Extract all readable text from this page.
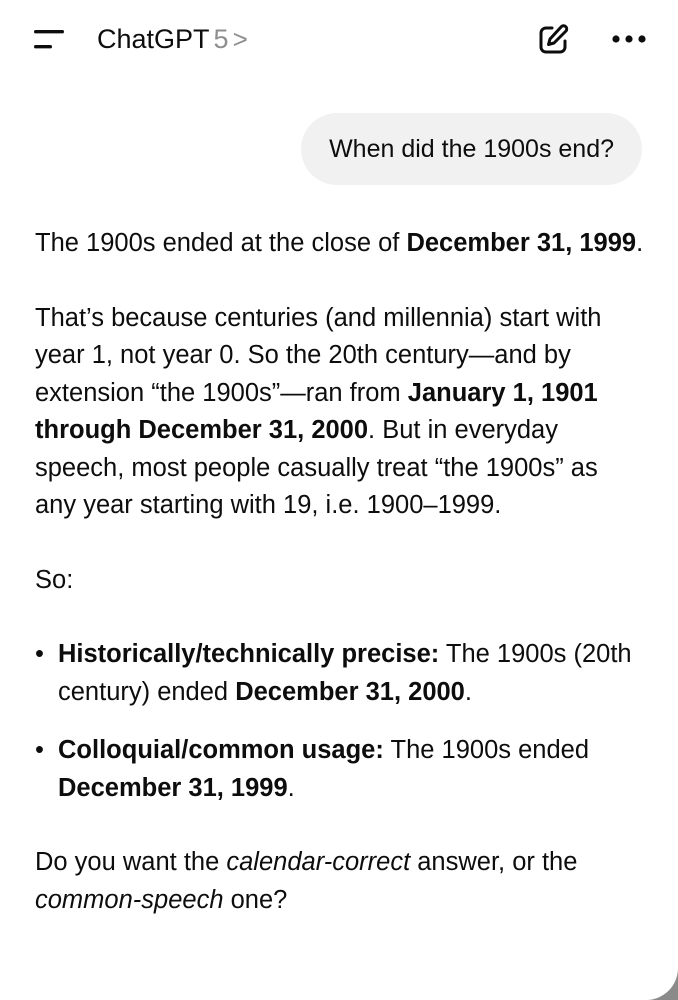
ChatGPT 5 >
When did the 1900s end?

The 1900s ended at the close of December 31, 1999.

That’s because centuries (and millennia) start with year 1, not year 0. So the 20th century—and by extension “the 1900s”—ran from January 1, 1901 through December 31, 2000. But in everyday speech, most people casually treat “the 1900s” as any year starting with 19, i.e. 1900–1999.

So:

• Historically/technically precise: The 1900s (20th century) ended December 31, 2000.
• Colloquial/common usage: The 1900s ended December 31, 1999.

Do you want the calendar-correct answer, or the common-speech one?
